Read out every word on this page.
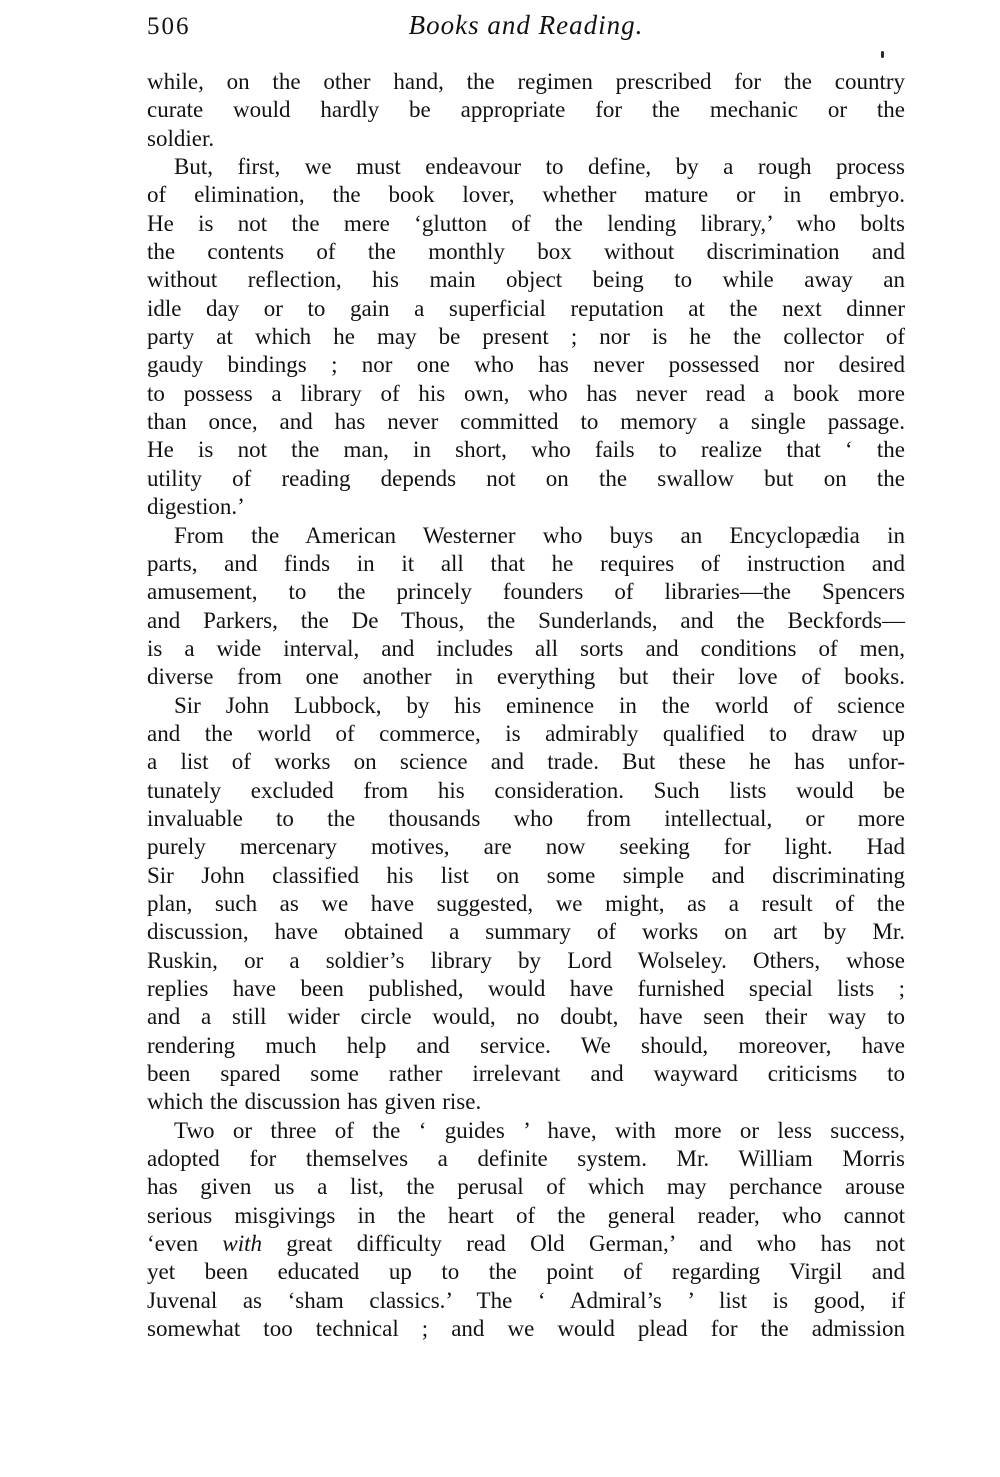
506	Books and Reading.
while, on the other hand, the regimen prescribed for the country
curate would hardly be appropriate for the mechanic or the
soldier.
But, first, we must endeavour to define, by a rough process
of elimination, the book lover, whether mature or in embryo.
He is not the mere ‘glutton of the lending library,’ who bolts
the contents of the monthly box without discrimination and
without reflection, his main object being to while away an
idle day or to gain a superficial reputation at the next dinner
party at which he may be present ; nor is he the collector of
gaudy bindings ; nor one who has never possessed nor desired
to possess a library of his own, who has never read a book more
than once, and has never committed to memory a single passage.
He is not the man, in short, who fails to realize that ‘ the
utility of reading depends not on the swallow but on the
digestion.’
From the American Westerner who buys an Encyclopædia in
parts, and finds in it all that he requires of instruction and
amusement, to the princely founders of libraries—the Spencers
and Parkers, the De Thous, the Sunderlands, and the Beckfords—
is a wide interval, and includes all sorts and conditions of men,
diverse from one another in everything but their love of books.
Sir John Lubbock, by his eminence in the world of science
and the world of commerce, is admirably qualified to draw up
a list of works on science and trade. But these he has unfor-
tunately excluded from his consideration. Such lists would be
invaluable to the thousands who from intellectual, or more
purely mercenary motives, are now seeking for light. Had
Sir John classified his list on some simple and discriminating
plan, such as we have suggested, we might, as a result of the
discussion, have obtained a summary of works on art by Mr.
Ruskin, or a soldier’s library by Lord Wolseley. Others, whose
replies have been published, would have furnished special lists ;
and a still wider circle would, no doubt, have seen their way to
rendering much help and service. We should, moreover, have
been spared some rather irrelevant and wayward criticisms to
which the discussion has given rise.
Two or three of the ‘ guides ’ have, with more or less success,
adopted for themselves a definite system. Mr. William Morris
has given us a list, the perusal of which may perchance arouse
serious misgivings in the heart of the general reader, who cannot
‘even with great difficulty read Old German,’ and who has not
yet been educated up to the point of regarding Virgil and
Juvenal as ‘sham classics.’ The ‘ Admiral’s ’ list is good, if
somewhat too technical ; and we would plead for the admission
